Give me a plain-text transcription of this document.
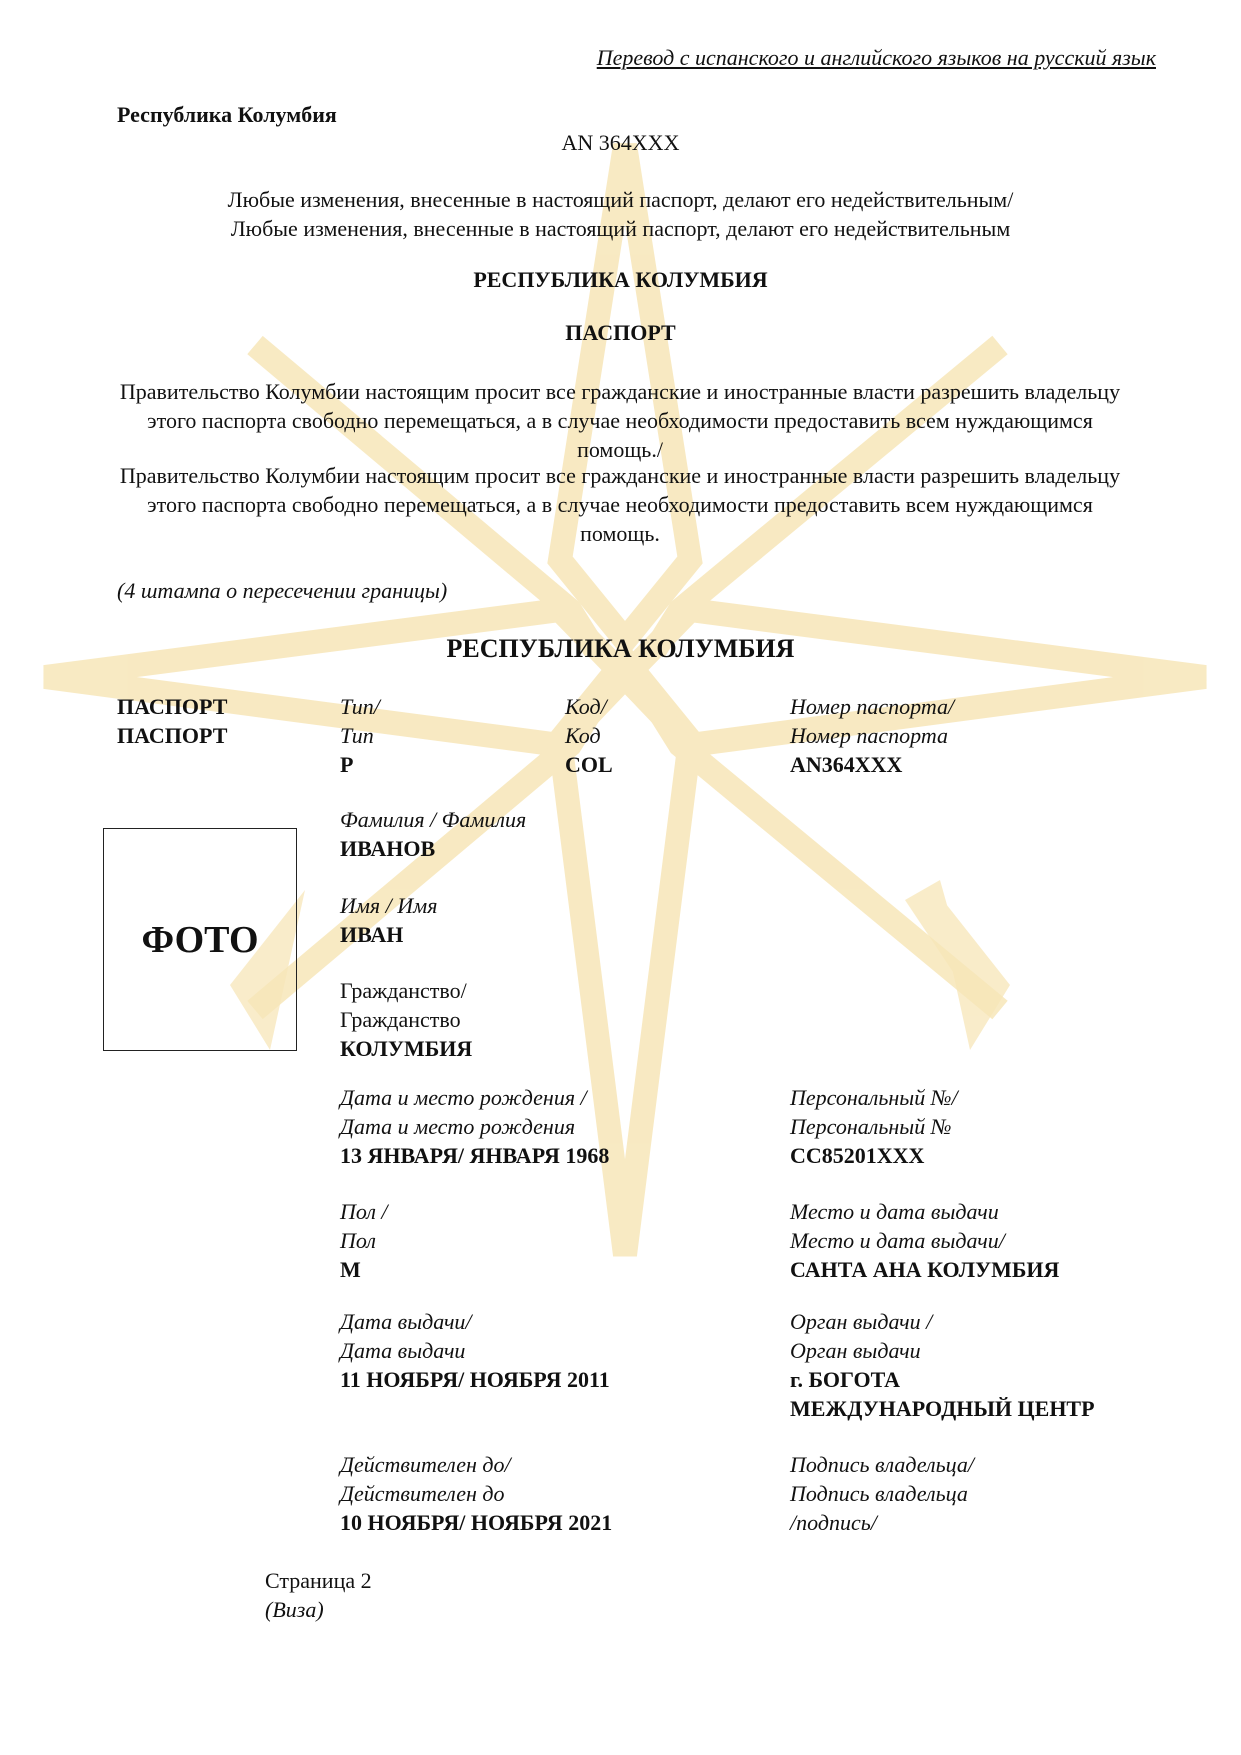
Перевод с испанского и английского языков на русский язык
Республика Колумбия
AN 364XXX
Любые изменения, внесенные в настоящий паспорт, делают его недействительным/
Любые изменения, внесенные в настоящий паспорт, делают его недействительным
РЕСПУБЛИКА КОЛУМБИЯ
ПАСПОРТ
Правительство Колумбии настоящим просит все гражданские и иностранные власти разрешить владельцу этого паспорта свободно перемещаться, а в случае необходимости предоставить всем нуждающимся помощь./
Правительство Колумбии настоящим просит все гражданские и иностранные власти разрешить владельцу этого паспорта свободно перемещаться, а в случае необходимости предоставить всем нуждающимся помощь.
(4 штампа о пересечении границы)
РЕСПУБЛИКА КОЛУМБИЯ
ПАСПОРТ
ПАСПОРТ
Тип/
Тип
P
Код/
Код
COL
Номер паспорта/
Номер паспорта
AN364XXX
ФОТО
Фамилия / Фамилия
ИВАНОВ
Имя / Имя
ИВАН
Гражданство/
Гражданство
КОЛУМБИЯ
Дата и место рождения /
Дата и место рождения
13 ЯНВАРЯ/ ЯНВАРЯ 1968
Персональный №/
Персональный №
CC85201XXX
Пол /
Пол
M
Место и дата выдачи
Место и дата выдачи/
САНТА АНА КОЛУМБИЯ
Дата выдачи/
Дата выдачи
11 НОЯБРЯ/ НОЯБРЯ 2011
Орган выдачи /
Орган выдачи
г. БОГОТА
МЕЖДУНАРОДНЫЙ ЦЕНТР
Действителен до/
Действителен до
10 НОЯБРЯ/ НОЯБРЯ 2021
Подпись владельца/
Подпись владельца
/подпись/
Страница 2
(Виза)
